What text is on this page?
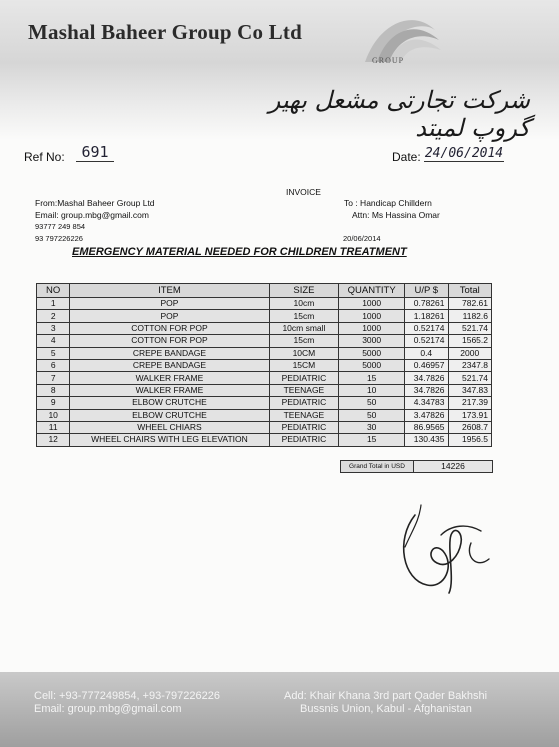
Mashal Baheer Group Co Ltd
GROUP
شرکت تجارتی مشعل بهیر گروپ لمیتد
Ref No:	691	Date: 24/06/2014
INVOICE
From:Mashal Baheer Group Ltd
Email: group.mbg@gmail.com
93777 249 854
93 797226226
To : Handicap Chilldern
Attn: Ms Hassina Omar
20/06/2014
EMERGENCY MATERIAL NEEDED FOR CHILDREN TREATMENT
NO	ITEM	SIZE	QUANTITY	U/P $	Total
1	POP	10cm	1000	0.78261	782.61
2	POP	15cm	1000	1.18261	1182.6
3	COTTON FOR POP	10cm small	1000	0.52174	521.74
4	COTTON FOR POP	15cm	3000	0.52174	1565.2
5	CREPE BANDAGE	10CM	5000	0.4	2000
6	CREPE BANDAGE	15CM	5000	0.46957	2347.8
7	WALKER FRAME	PEDIATRIC	15	34.7826	521.74
8	WALKER FRAME	TEENAGE	10	34.7826	347.83
9	ELBOW CRUTCHE	PEDIATRIC	50	4.34783	217.39
10	ELBOW CRUTCHE	TEENAGE	50	3.47826	173.91
11	WHEEL CHIARS	PEDIATRIC	30	86.9565	2608.7
12	WHEEL CHAIRS WITH LEG ELEVATION	PEDIATRIC	15	130.435	1956.5
Grand Total in USD	14226
Cell: +93-777249854, +93-797226226
Email: group.mbg@gmail.com
Add: Khair Khana 3rd part Qader Bakhshi
Bussnis Union, Kabul - Afghanistan
